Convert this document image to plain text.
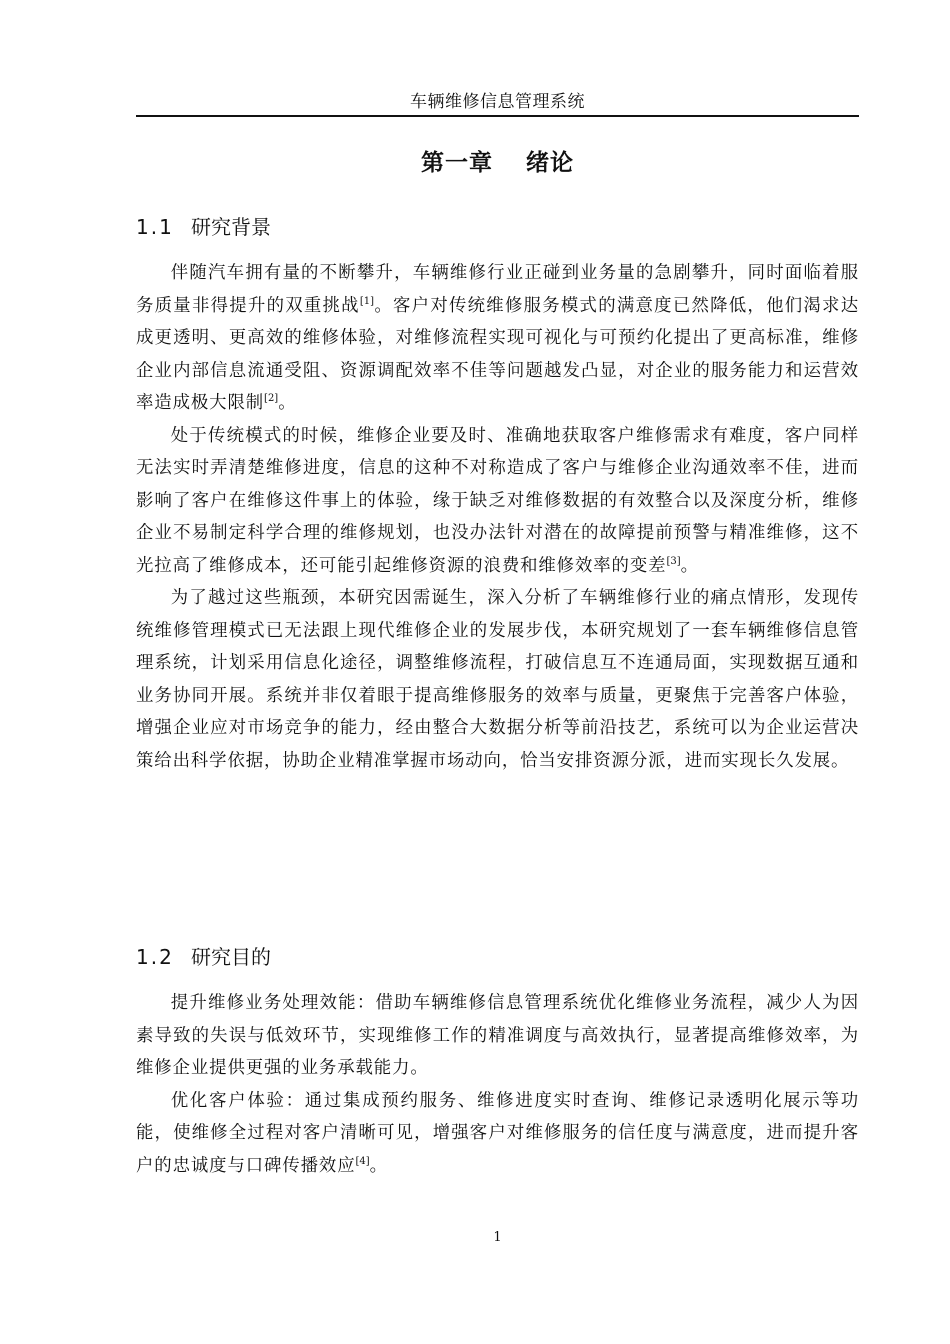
车辆维修信息管理系统
第一章　 绪论
1.1 研究背景

伴随汽车拥有量的不断攀升，车辆维修行业正碰到业务量的急剧攀升，同时面临着服务质量非得提升的双重挑战[1]。客户对传统维修服务模式的满意度已然降低，他们渴求达成更透明、更高效的维修体验，对维修流程实现可视化与可预约化提出了更高标准，维修企业内部信息流通受阻、资源调配效率不佳等问题越发凸显，对企业的服务能力和运营效率造成极大限制[2]。

处于传统模式的时候，维修企业要及时、准确地获取客户维修需求有难度，客户同样无法实时弄清楚维修进度，信息的这种不对称造成了客户与维修企业沟通效率不佳，进而影响了客户在维修这件事上的体验，缘于缺乏对维修数据的有效整合以及深度分析，维修企业不易制定科学合理的维修规划，也没办法针对潜在的故障提前预警与精准维修，这不光拉高了维修成本，还可能引起维修资源的浪费和维修效率的变差[3]。

为了越过这些瓶颈，本研究因需诞生，深入分析了车辆维修行业的痛点情形，发现传统维修管理模式已无法跟上现代维修企业的发展步伐，本研究规划了一套车辆维修信息管理系统，计划采用信息化途径，调整维修流程，打破信息互不连通局面，实现数据互通和业务协同开展。系统并非仅着眼于提高维修服务的效率与质量，更聚焦于完善客户体验，增强企业应对市场竞争的能力，经由整合大数据分析等前沿技艺，系统可以为企业运营决策给出科学依据，协助企业精准掌握市场动向，恰当安排资源分派，进而实现长久发展。

1.2 研究目的

提升维修业务处理效能：借助车辆维修信息管理系统优化维修业务流程，减少人为因素导致的失误与低效环节，实现维修工作的精准调度与高效执行，显著提高维修效率，为维修企业提供更强的业务承载能力。

优化客户体验：通过集成预约服务、维修进度实时查询、维修记录透明化展示等功能，使维修全过程对客户清晰可见，增强客户对维修服务的信任度与满意度，进而提升客户的忠诚度与口碑传播效应[4]。

1
